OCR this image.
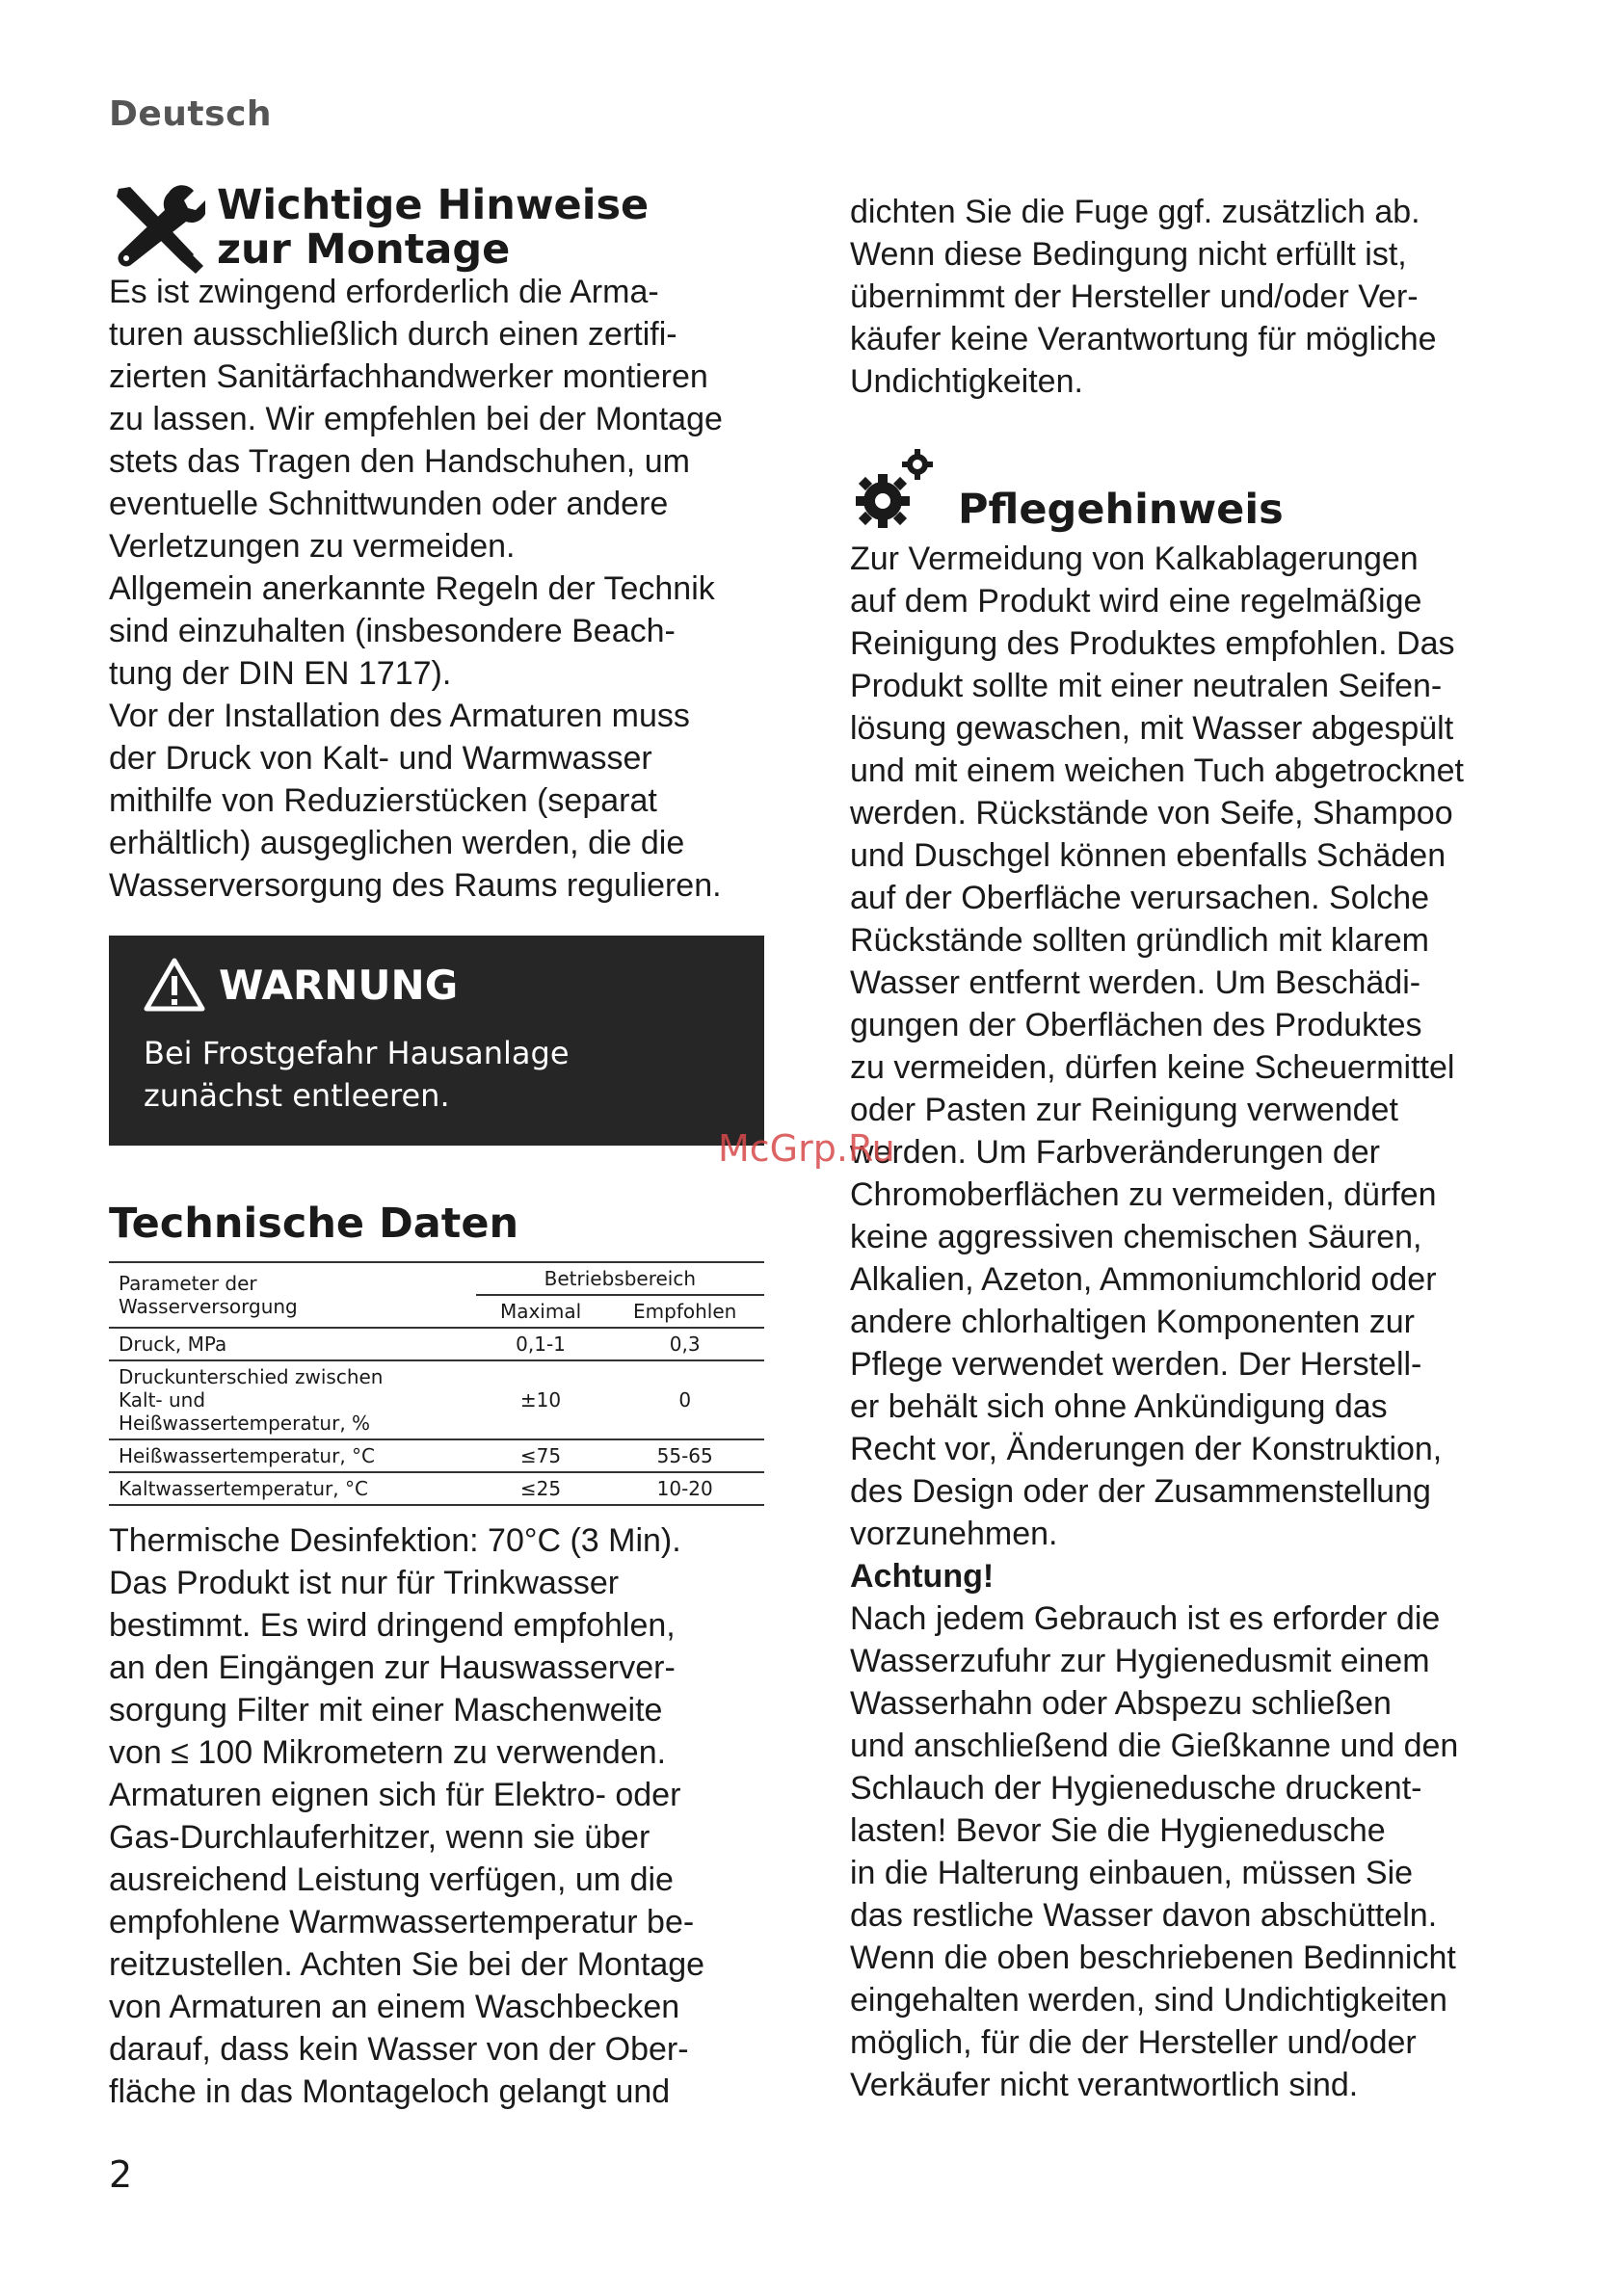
Deutsch
Wichtige Hinweise
zur Montage

Es ist zwingend erforderlich die Arma-
turen ausschließlich durch einen zertifi-
zierten Sanitärfachhandwerker montieren
zu lassen. Wir empfehlen bei der Montage
stets das Tragen den Handschuhen, um
eventuelle Schnittwunden oder andere
Verletzungen zu vermeiden.
Allgemein anerkannte Regeln der Technik
sind einzuhalten (insbesondere Beach-
tung der DIN EN 1717).
Vor der Installation des Armaturen muss
der Druck von Kalt- und Warmwasser
mithilfe von Reduzierstücken (separat
erhältlich) ausgeglichen werden, die die
Wasserversorgung des Raums regulieren.

WARNUNG
Bei Frostgefahr Hausanlage
zunächst entleeren.
Technische Daten
Parameter der
Wasserversorgung	Betriebsbereich	
	Maximal	Empfohlen

Druck, MPa	0,1-1	0,3

Druckunterschied zwischen
Kalt- und
Heißwassertemperatur, %	±10	0

Heißwassertemperatur, °C	≤75	55-65

Kaltwassertemperatur, °C	≤25	10-20

Thermische Desinfektion: 70°C (3 Min).
Das Produkt ist nur für Trinkwasser
bestimmt. Es wird dringend empfohlen,
an den Eingängen zur Hauswasserver-
sorgung Filter mit einer Maschenweite
von ≤ 100 Mikrometern zu verwenden.
Armaturen eignen sich für Elektro- oder
Gas-Durchlauferhitzer, wenn sie über
ausreichend Leistung verfügen, um die
empfohlene Warmwassertemperatur be-
reitzustellen. Achten Sie bei der Montage
von Armaturen an einem Waschbecken
darauf, dass kein Wasser von der Ober-
fläche in das Montageloch gelangt und

dichten Sie die Fuge ggf. zusätzlich ab.
Wenn diese Bedingung nicht erfüllt ist,
übernimmt der Hersteller und/oder Ver-
käufer keine Verantwortung für mögliche
Undichtigkeiten.

Pflegehinweis

Zur Vermeidung von Kalkablagerungen
auf dem Produkt wird eine regelmäßige
Reinigung des Produktes empfohlen. Das
Produkt sollte mit einer neutralen Seifen-
lösung gewaschen, mit Wasser abgespült
und mit einem weichen Tuch abgetrocknet
werden. Rückstände von Seife, Shampoo
und Duschgel können ebenfalls Schäden
auf der Oberfläche verursachen. Solche
Rückstände sollten gründlich mit klarem
Wasser entfernt werden. Um Beschädi-
gungen der Oberflächen des Produktes
zu vermeiden, dürfen keine Scheuermittel
oder Pasten zur Reinigung verwendet
werden. Um Farbveränderungen der
Chromoberflächen zu vermeiden, dürfen
keine aggressiven chemischen Säuren,
Alkalien, Azeton, Ammoniumchlorid oder
andere chlorhaltigen Komponenten zur
Pflege verwendet werden. Der Herstell-
er behält sich ohne Ankündigung das
Recht vor, Änderungen der Konstruktion,
des Design oder der Zusammenstellung
vorzunehmen.
Achtung!
Nach jedem Gebrauch ist es erforder die
Wasserzufuhr zur Hygienedusmit einem
Wasserhahn oder Abspezu schließen
und anschließend die Gießkanne und den
Schlauch der Hygienedusche druckent-
lasten! Bevor Sie die Hygienedusche
in die Halterung einbauen, müssen Sie
das restliche Wasser davon abschütteln.
Wenn die oben beschriebenen Bedinnicht
eingehalten werden, sind Undichtigkeiten
möglich, für die der Hersteller und/oder
Verkäufer nicht verantwortlich sind.

McGrp.Ru
2
